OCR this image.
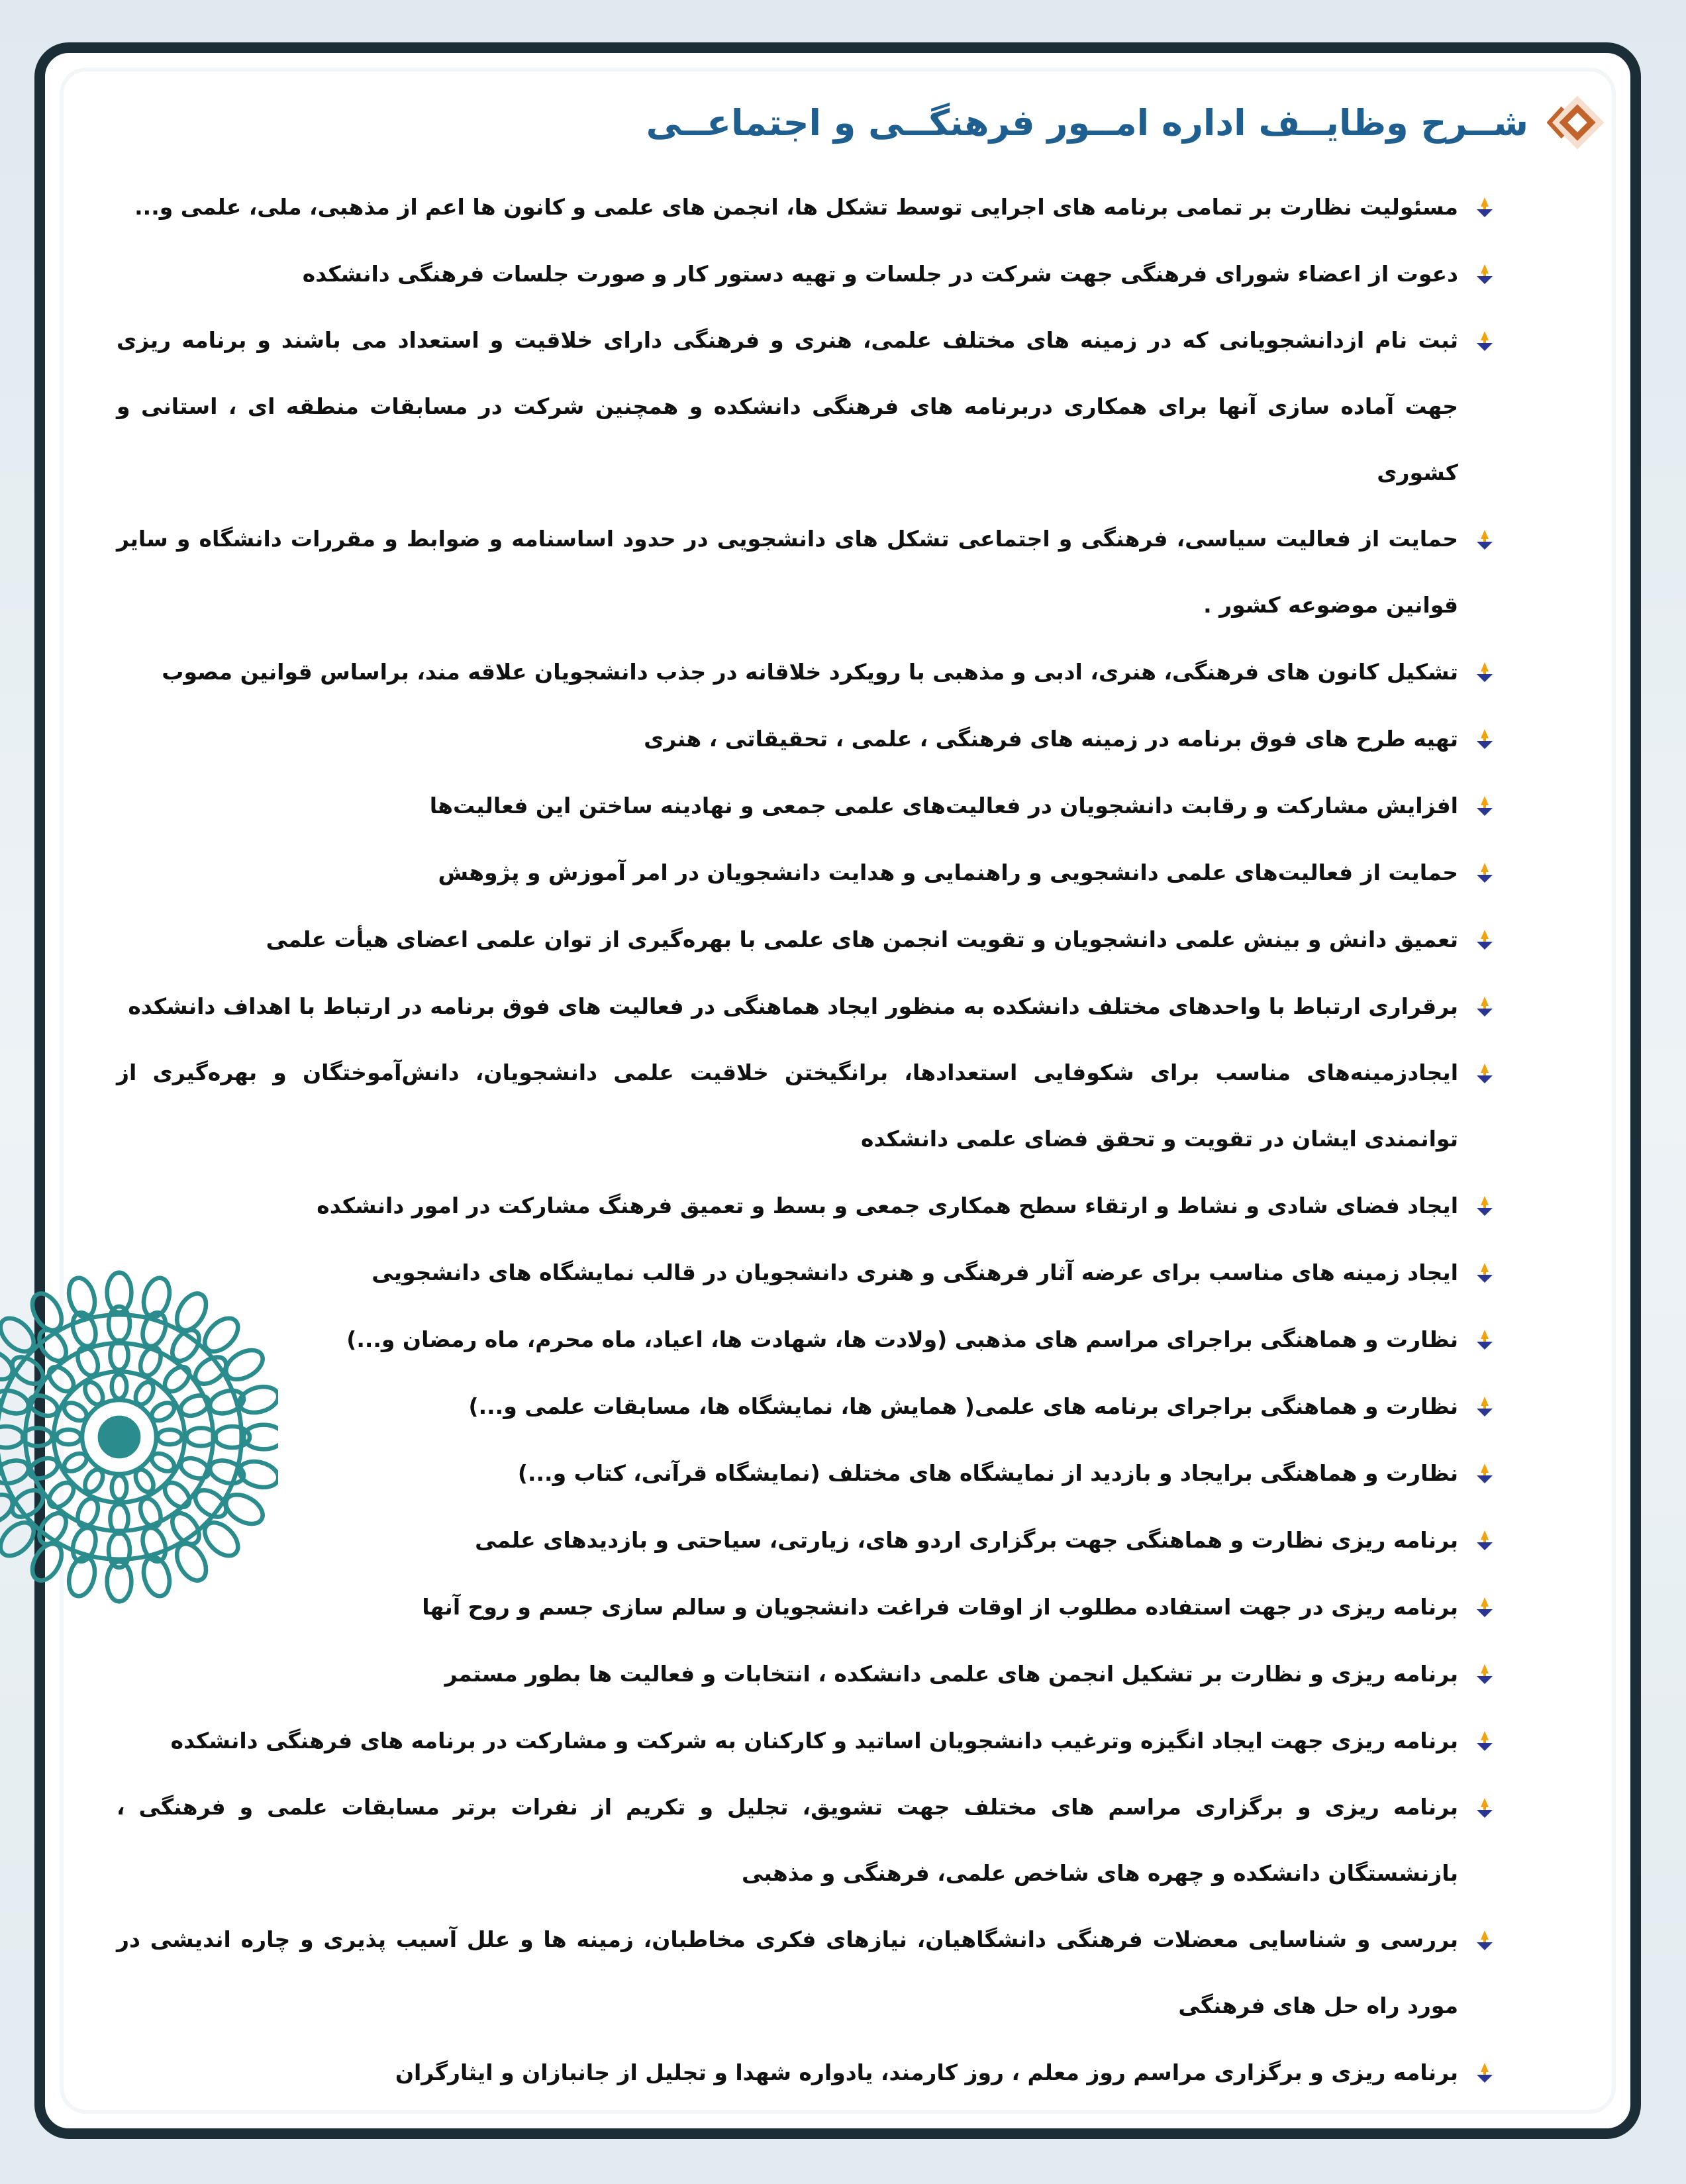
شــرح وظایــف اداره امــور فرهنگــی و اجتماعــی
مسئولیت نظارت بر تمامی برنامه های اجرایی توسط تشکل ها، انجمن های علمی و کانون ها اعم از مذهبی، ملی، علمی و...
دعوت از اعضاء شورای فرهنگی جهت شرکت در جلسات و تهیه دستور کار و صورت جلسات فرهنگی دانشکده
ثبت نام ازدانشجویانی که در زمینه های مختلف علمی، هنری و فرهنگی دارای خلاقیت و استعداد می باشند و برنامه ریزی جهت آماده سازی آنها برای همکاری دربرنامه های فرهنگی دانشکده و همچنین شرکت در مسابقات منطقه ای ، استانی و کشوری
حمایت از فعالیت سیاسی، فرهنگی و اجتماعی تشکل های دانشجویی در حدود اساسنامه و ضوابط و مقررات دانشگاه و سایر قوانین موضوعه کشور .
تشکیل کانون های فرهنگی، هنری، ادبی و مذهبی با رویکرد خلاقانه در جذب دانشجویان علاقه مند، براساس قوانین مصوب
تهیه طرح های فوق برنامه در زمینه های فرهنگی ، علمی ، تحقیقاتی ، هنری
افزایش مشارکت و رقابت دانشجویان در فعالیت‌های علمی جمعی و نهادینه ساختن این فعالیت‌ها
حمایت از فعالیت‌های علمی دانشجویی و راهنمایی و هدایت دانشجویان در امر آموزش و پژوهش
تعمیق دانش و بینش علمی دانشجویان و تقویت انجمن های علمی با بهره‌گیری از توان علمی اعضای هیأت علمی
برقراری ارتباط با واحدهای مختلف دانشکده به منظور ایجاد هماهنگی در فعالیت های فوق برنامه در ارتباط با اهداف دانشکده
ایجادزمینه‌های مناسب برای شکوفایی استعدادها، برانگیختن خلاقیت علمی دانشجویان، دانش‌آموختگان و بهره‌گیری از توانمندی ایشان در تقویت و تحقق فضای علمی دانشکده
ایجاد فضای شادی و نشاط و ارتقاء سطح همکاری جمعی و بسط و تعمیق فرهنگ مشارکت در امور دانشکده
ایجاد زمینه های مناسب برای عرضه آثار فرهنگی و هنری دانشجویان در قالب نمایشگاه های دانشجویی
نظارت و هماهنگی براجرای مراسم های مذهبی (ولادت ها، شهادت ها، اعیاد، ماه محرم، ماه رمضان و...)
نظارت و هماهنگی براجرای برنامه های علمی( همایش ها، نمایشگاه ها، مسابقات علمی و...)
نظارت و هماهنگی برایجاد و بازدید از نمایشگاه های مختلف (نمایشگاه قرآنی، کتاب و...)
برنامه ریزی نظارت و هماهنگی جهت برگزاری اردو های، زیارتی، سیاحتی و بازدیدهای علمی
برنامه ریزی در جهت استفاده مطلوب از اوقات فراغت دانشجویان و سالم سازی جسم و روح آنها
برنامه ریزی و نظارت بر تشکیل انجمن های علمی دانشکده ، انتخابات و فعالیت ها بطور مستمر
برنامه ریزی جهت ایجاد انگیزه وترغیب دانشجویان اساتید و کارکنان به شرکت و مشارکت در برنامه های فرهنگی دانشکده
برنامه ریزی و برگزاری مراسم های مختلف جهت تشویق، تجلیل و تکریم از نفرات برتر مسابقات علمی و فرهنگی ، بازنشستگان دانشکده و چهره های شاخص علمی، فرهنگی و مذهبی
بررسی و شناسایی معضلات فرهنگی دانشگاهیان، نیازهای فکری مخاطبان، زمینه ها و علل آسیب پذیری و چاره اندیشی در مورد راه حل های فرهنگی
برنامه ریزی و برگزاری مراسم روز معلم ، روز کارمند، یادواره شهدا و تجلیل از جانبازان و ایثارگران
